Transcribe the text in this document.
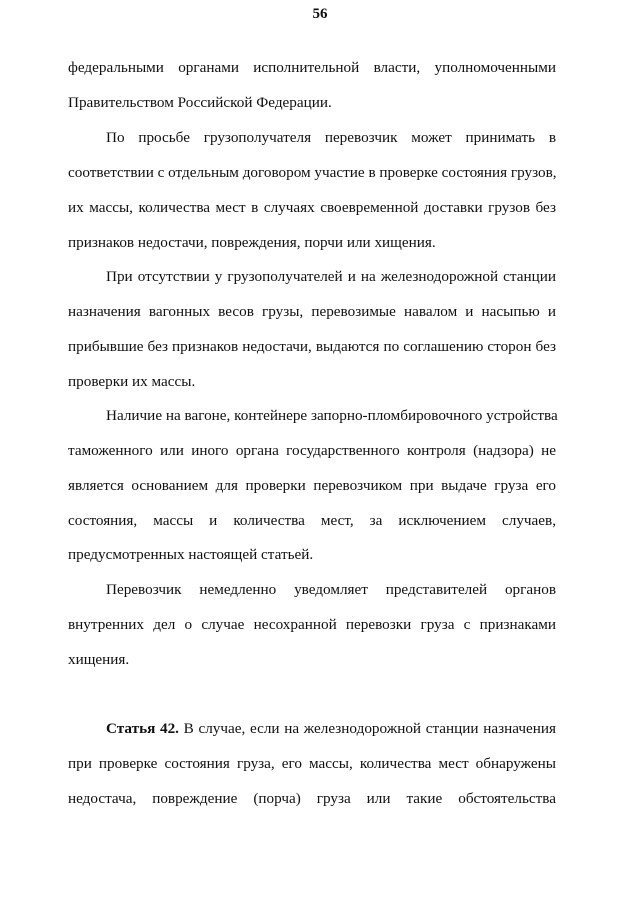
56
федеральными органами исполнительной власти, уполномоченными
Правительством Российской Федерации.
По просьбе грузополучателя перевозчик может принимать в
соответствии с отдельным договором участие в проверке состояния грузов,
их массы, количества мест в случаях своевременной доставки грузов без
признаков недостачи, повреждения, порчи или хищения.
При отсутствии у грузополучателей и на железнодорожной станции
назначения вагонных весов грузы, перевозимые навалом и насыпью и
прибывшие без признаков недостачи, выдаются по соглашению сторон без
проверки их массы.
Наличие на вагоне, контейнере запорно-пломбировочного устройства
таможенного или иного органа государственного контроля (надзора) не
является основанием для проверки перевозчиком при выдаче груза его
состояния, массы и количества мест, за исключением случаев,
предусмотренных настоящей статьей.
Перевозчик немедленно уведомляет представителей органов
внутренних дел о случае несохранной перевозки груза с признаками
хищения.
Статья 42. В случае, если на железнодорожной станции назначения
при проверке состояния груза, его массы, количества мест обнаружены
недостача, повреждение (порча) груза или такие обстоятельства
